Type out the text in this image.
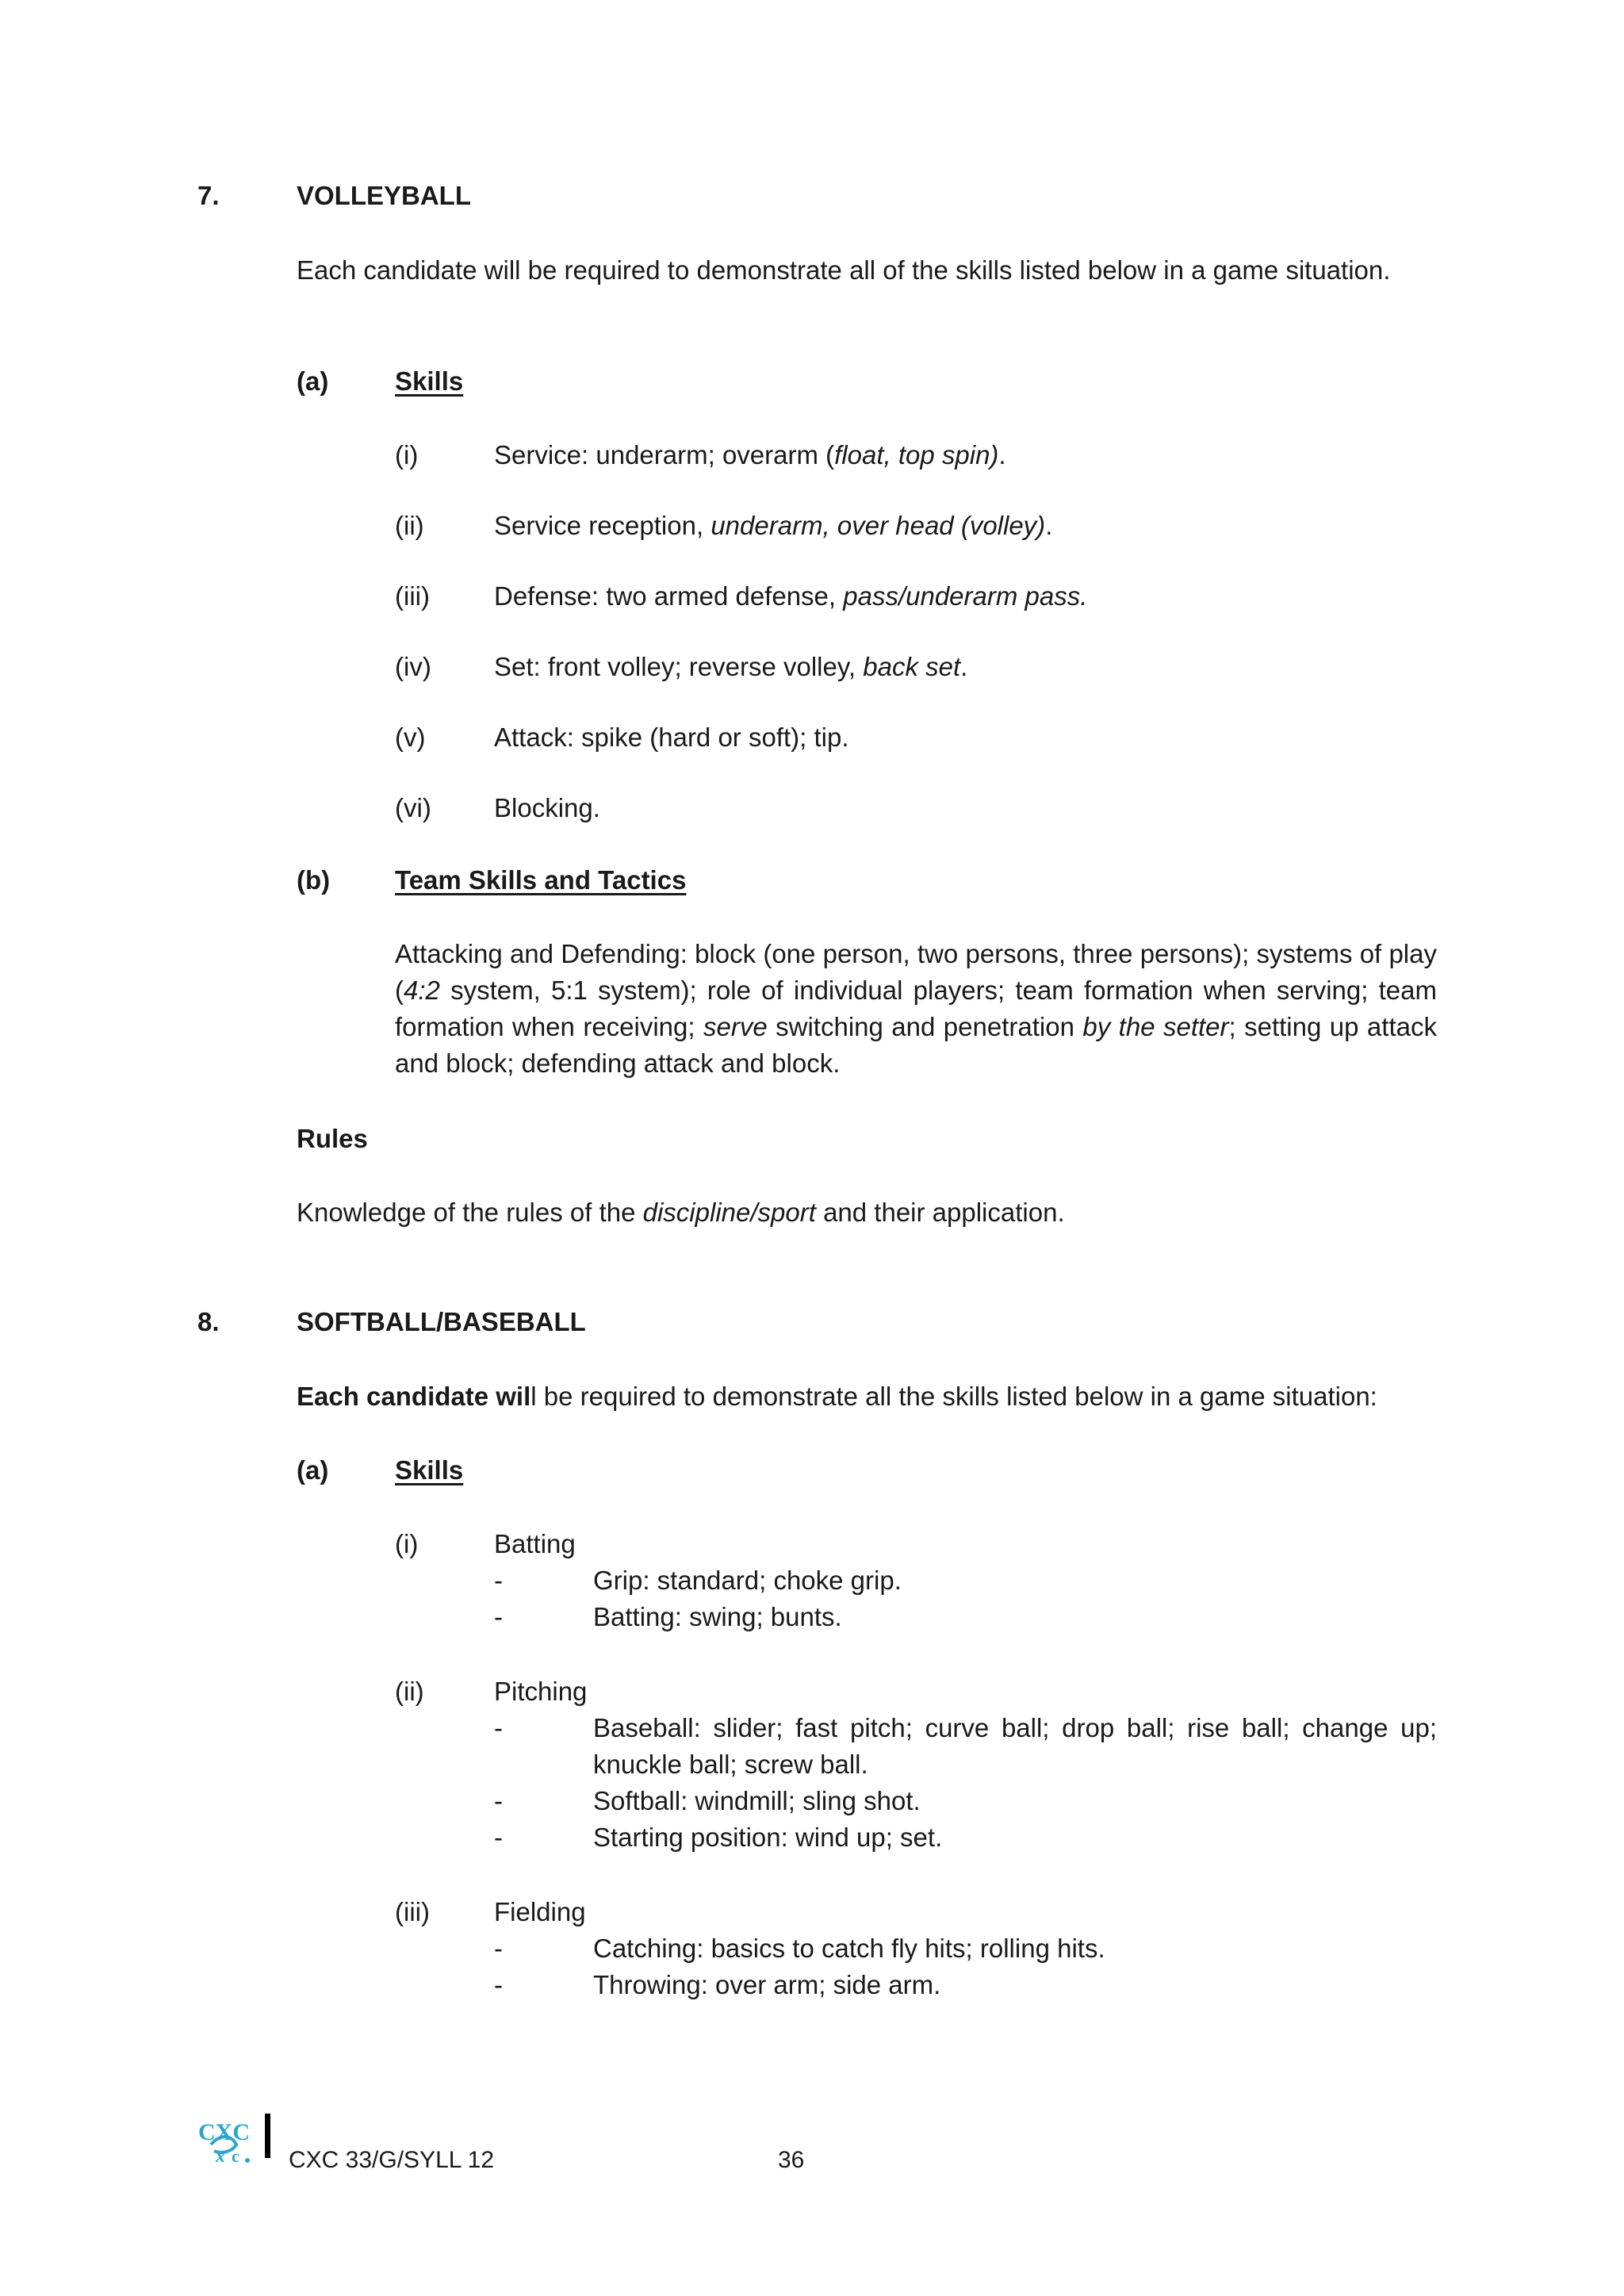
7.	VOLLEYBALL
Each candidate will be required to demonstrate all of the skills listed below in a game situation.
(a)	Skills
(i)	Service: underarm; overarm (float, top spin).
(ii)	Service reception, underarm, over head (volley).
(iii) Defense: two armed defense, pass/underarm pass.
(iv) Set: front volley; reverse volley, back set.
(v)	Attack: spike (hard or soft); tip.
(vi) Blocking.
(b) Team Skills and Tactics
Attacking and Defending: block (one person, two persons, three persons); systems of play (4:2 system, 5:1 system); role of individual players; team formation when serving; team formation when receiving; serve switching and penetration by the setter; setting up attack and block; defending attack and block.
Rules
Knowledge of the rules of the discipline/sport and their application.
8.	SOFTBALL/BASEBALL
Each candidate will be required to demonstrate all the skills listed below in a game situation:
(a)	Skills
(i)	Batting
-	Grip: standard; choke grip.
-	Batting: swing; bunts.
(ii)	Pitching
-	Baseball: slider; fast pitch; curve ball; drop ball; rise ball; change up; knuckle ball; screw ball.
-	Softball: windmill; sling shot.
-	Starting position: wind up; set.
(iii) Fielding
-	Catching: basics to catch fly hits; rolling hits.
-	Throwing: over arm; side arm.
CXC
x c CXC 33/G/SYLL 12	36
